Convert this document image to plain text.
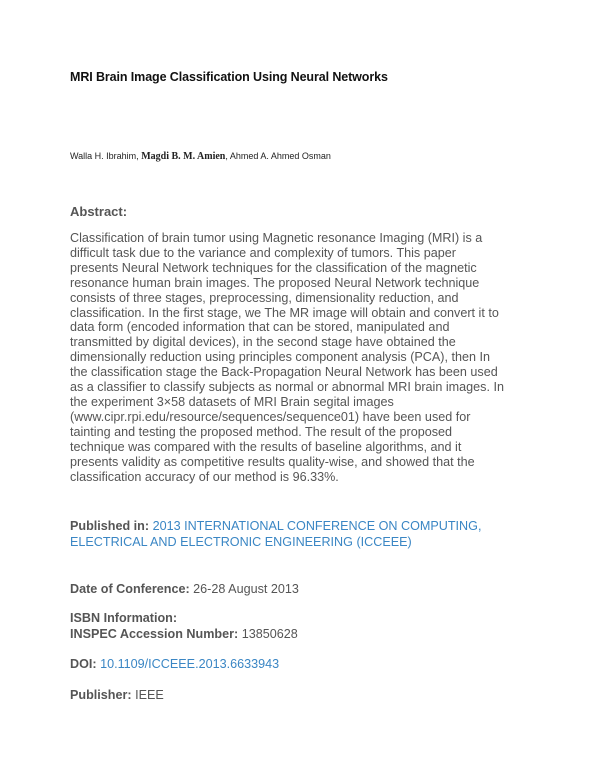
MRI Brain Image Classification Using Neural Networks
Walla H. Ibrahim, Magdi B. M. Amien, Ahmed A. Ahmed Osman
Abstract:
Classification of brain tumor using Magnetic resonance Imaging (MRI) is a
difficult task due to the variance and complexity of tumors. This paper
presents Neural Network techniques for the classification of the magnetic
resonance human brain images. The proposed Neural Network technique
consists of three stages, preprocessing, dimensionality reduction, and
classification. In the first stage, we The MR image will obtain and convert it to
data form (encoded information that can be stored, manipulated and
transmitted by digital devices), in the second stage have obtained the
dimensionally reduction using principles component analysis (PCA), then In
the classification stage the Back-Propagation Neural Network has been used
as a classifier to classify subjects as normal or abnormal MRI brain images. In
the experiment 3×58 datasets of MRI Brain segital images
(www.cipr.rpi.edu/resource/sequences/sequence01) have been used for
tainting and testing the proposed method. The result of the proposed
technique was compared with the results of baseline algorithms, and it
presents validity as competitive results quality-wise, and showed that the
classification accuracy of our method is 96.33%.
Published in: 2013 INTERNATIONAL CONFERENCE ON COMPUTING,
ELECTRICAL AND ELECTRONIC ENGINEERING (ICCEEE)
Date of Conference: 26-28 August 2013
ISBN Information:
INSPEC Accession Number: 13850628
DOI: 10.1109/ICCEEE.2013.6633943
Publisher: IEEE
